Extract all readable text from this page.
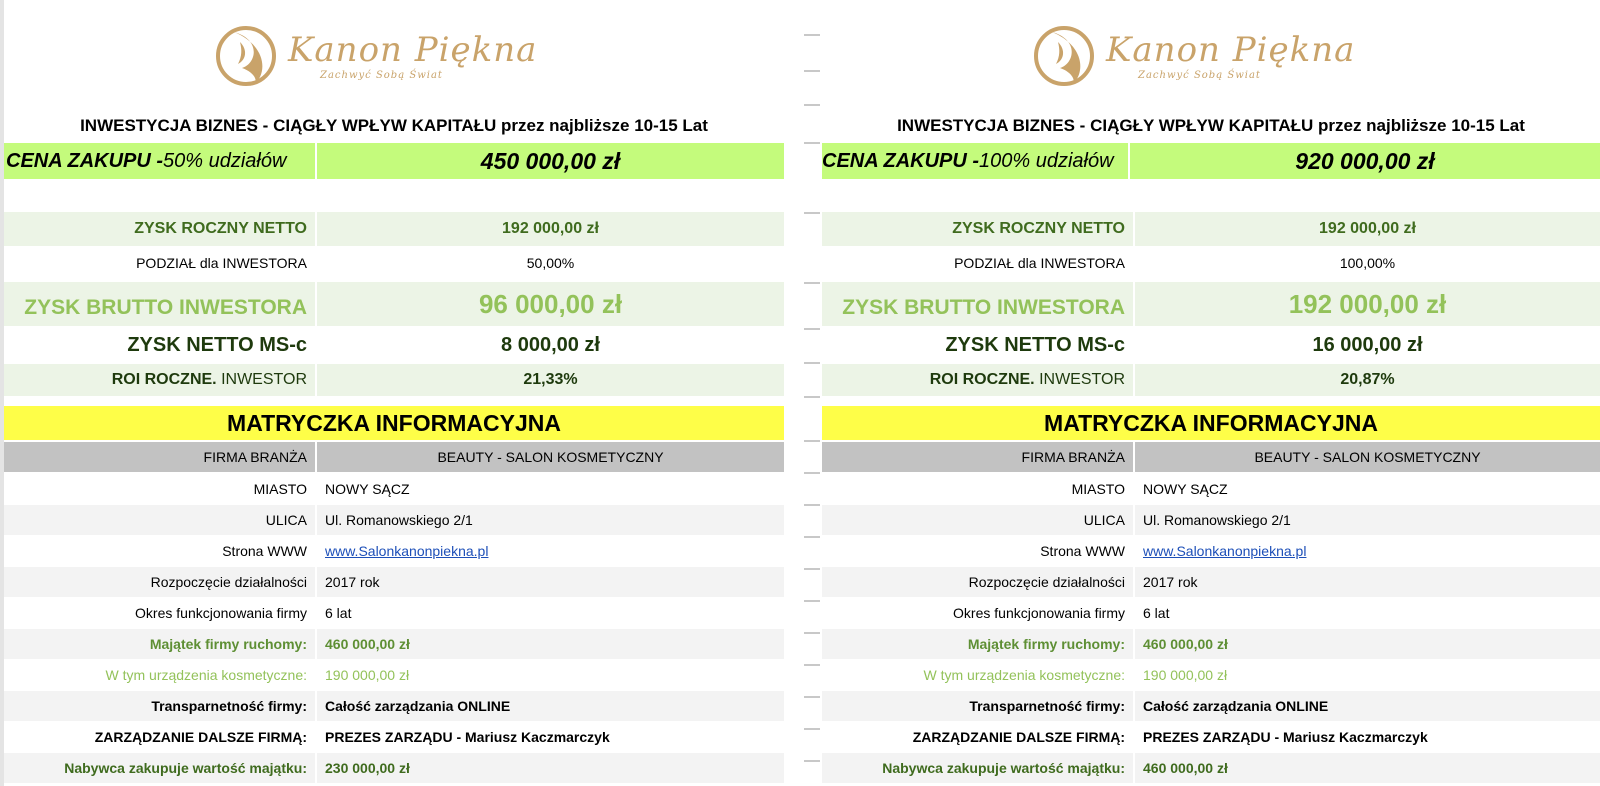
Kanon Piękna
Zachwyć Sobą Świat
INWESTYCJA BIZNES - CIĄGŁY WPŁYW KAPITAŁU przez najbliższe 10-15 Lat
CENA ZAKUPU - 50% udziałów	450 000,00 zł
ZYSK ROCZNY NETTO	192 000,00 zł
PODZIAŁ dla INWESTORA	50,00%
ZYSK BRUTTO INWESTORA	96 000,00 zł
ZYSK NETTO MS-c	8 000,00 zł
ROI ROCZNE. INWESTOR	21,33%
MATRYCZKA INFORMACYJNA
FIRMA BRANŻA	BEAUTY - SALON KOSMETYCZNY
MIASTO	NOWY SĄCZ
ULICA	Ul. Romanowskiego 2/1
Strona WWW	www.Salonkanonpiekna.pl
Rozpoczęcie działalności	2017 rok
Okres funkcjonowania firmy	6 lat
Majątek firmy ruchomy:	460 000,00 zł
W tym urządzenia kosmetyczne:	190 000,00 zł
Transparnetność firmy:	Całość zarządzania ONLINE
ZARZĄDZANIE DALSZE FIRMĄ:	PREZES ZARZĄDU - Mariusz Kaczmarczyk
Nabywca zakupuje wartość majątku:	230 000,00 zł
Kanon Piękna
Zachwyć Sobą Świat
INWESTYCJA BIZNES - CIĄGŁY WPŁYW KAPITAŁU przez najbliższe 10-15 Lat
CENA ZAKUPU - 100% udziałów	920 000,00 zł
ZYSK ROCZNY NETTO	192 000,00 zł
PODZIAŁ dla INWESTORA	100,00%
ZYSK BRUTTO INWESTORA	192 000,00 zł
ZYSK NETTO MS-c	16 000,00 zł
ROI ROCZNE. INWESTOR	20,87%
MATRYCZKA INFORMACYJNA
FIRMA BRANŻA	BEAUTY - SALON KOSMETYCZNY
MIASTO	NOWY SĄCZ
ULICA	Ul. Romanowskiego 2/1
Strona WWW	www.Salonkanonpiekna.pl
Rozpoczęcie działalności	2017 rok
Okres funkcjonowania firmy	6 lat
Majątek firmy ruchomy:	460 000,00 zł
W tym urządzenia kosmetyczne:	190 000,00 zł
Transparnetność firmy:	Całość zarządzania ONLINE
ZARZĄDZANIE DALSZE FIRMĄ:	PREZES ZARZĄDU - Mariusz Kaczmarczyk
Nabywca zakupuje wartość majątku:	460 000,00 zł
